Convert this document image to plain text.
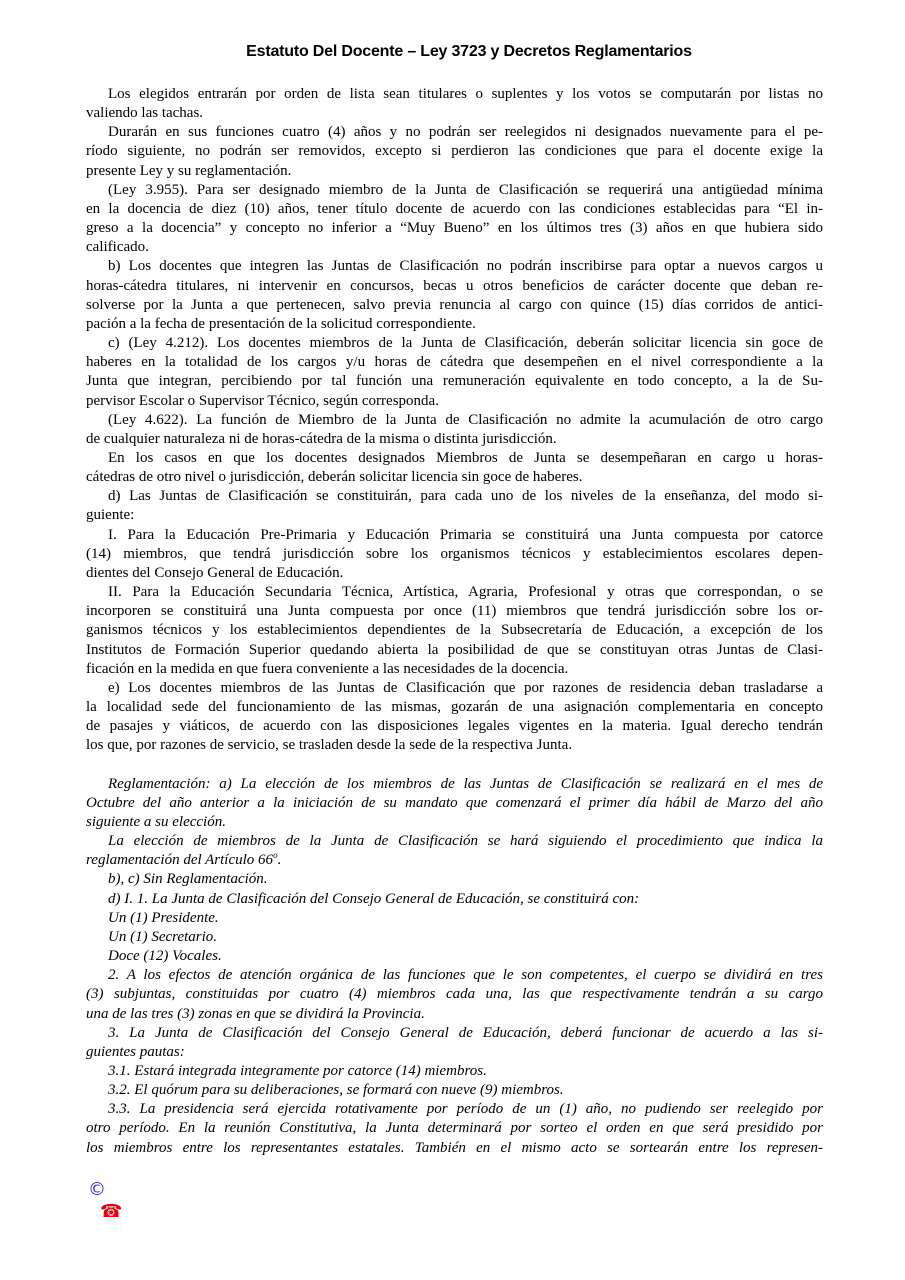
Estatuto Del Docente – Ley 3723 y Decretos Reglamentarios
Los elegidos entrarán por orden de lista sean titulares o suplentes y los votos se computarán por listas no
valiendo las tachas.
Durarán en sus funciones cuatro (4) años y no podrán ser reelegidos ni designados nuevamente para el pe-
ríodo siguiente, no podrán ser removidos, excepto si perdieron las condiciones que para el docente exige la
presente Ley y su reglamentación.
(Ley 3.955). Para ser designado miembro de la Junta de Clasificación se requerirá una antigüedad mínima
en la docencia de diez (10) años, tener título docente de acuerdo con las condiciones establecidas para “El in-
greso a la docencia” y concepto no inferior a “Muy Bueno” en los últimos tres (3) años en que hubiera sido
calificado.
b) Los docentes que integren las Juntas de Clasificación no podrán inscribirse para optar a nuevos cargos u
horas-cátedra titulares, ni intervenir en concursos, becas u otros beneficios de carácter docente que deban re-
solverse por la Junta a que pertenecen, salvo previa renuncia al cargo con quince (15) días corridos de antici-
pación a la fecha de presentación de la solicitud correspondiente.
c) (Ley 4.212). Los docentes miembros de la Junta de Clasificación, deberán solicitar licencia sin goce de
haberes en la totalidad de los cargos y/u horas de cátedra que desempeñen en el nivel correspondiente a la
Junta que integran, percibiendo por tal función una remuneración equivalente en todo concepto, a la de Su-
pervisor Escolar o Supervisor Técnico, según corresponda.
(Ley 4.622). La función de Miembro de la Junta de Clasificación no admite la acumulación de otro cargo
de cualquier naturaleza ni de horas-cátedra de la misma o distinta jurisdicción.
En los casos en que los docentes designados Miembros de Junta se desempeñaran en cargo u horas-
cátedras de otro nivel o jurisdicción, deberán solicitar licencia sin goce de haberes.
d) Las Juntas de Clasificación se constituirán, para cada uno de los niveles de la enseñanza, del modo si-
guiente:
I. Para la Educación Pre-Primaria y Educación Primaria se constituirá una Junta compuesta por catorce
(14) miembros, que tendrá jurisdicción sobre los organismos técnicos y establecimientos escolares depen-
dientes del Consejo General de Educación.
II. Para la Educación Secundaria Técnica, Artística, Agraria, Profesional y otras que correspondan, o se
incorporen se constituirá una Junta compuesta por once (11) miembros que tendrá jurisdicción sobre los or-
ganismos técnicos y los establecimientos dependientes de la Subsecretaría de Educación, a excepción de los
Institutos de Formación Superior quedando abierta la posibilidad de que se constituyan otras Juntas de Clasi-
ficación en la medida en que fuera conveniente a las necesidades de la docencia.
e) Los docentes miembros de las Juntas de Clasificación que por razones de residencia deban trasladarse a
la localidad sede del funcionamiento de las mismas, gozarán de una asignación complementaria en concepto
de pasajes y viáticos, de acuerdo con las disposiciones legales vigentes en la materia. Igual derecho tendrán
los que, por razones de servicio, se trasladen desde la sede de la respectiva Junta.
Reglamentación: a) La elección de los miembros de las Juntas de Clasificación se realizará en el mes de
Octubre del año anterior a la iniciación de su mandato que comenzará el primer día hábil de Marzo del año
siguiente a su elección.
La elección de miembros de la Junta de Clasificación se hará siguiendo el procedimiento que indica la
reglamentación del Artículo 66$^o$.
b), c) Sin Reglamentación.
d) I. 1. La Junta de Clasificación del Consejo General de Educación, se constituirá con:
Un (1) Presidente.
Un (1) Secretario.
Doce (12) Vocales.
2. A los efectos de atención orgánica de las funciones que le son competentes, el cuerpo se dividirá en tres
(3) subjuntas, constituidas por cuatro (4) miembros cada una, las que respectivamente tendrán a su cargo
una de las tres (3) zonas en que se dividirá la Provincia.
3. La Junta de Clasificación del Consejo General de Educación, deberá funcionar de acuerdo a las si-
guientes pautas:
3.1. Estará integrada integramente por catorce (14) miembros.
3.2. El quórum para su deliberaciones, se formará con nueve (9) miembros.
3.3. La presidencia será ejercida rotativamente por período de un (1) año, no pudiendo ser reelegido por
otro período. En la reunión Constitutiva, la Junta determinará por sorteo el orden en que será presidido por
los miembros entre los representantes estatales. También en el mismo acto se sortearán entre los represen-
©
☎
